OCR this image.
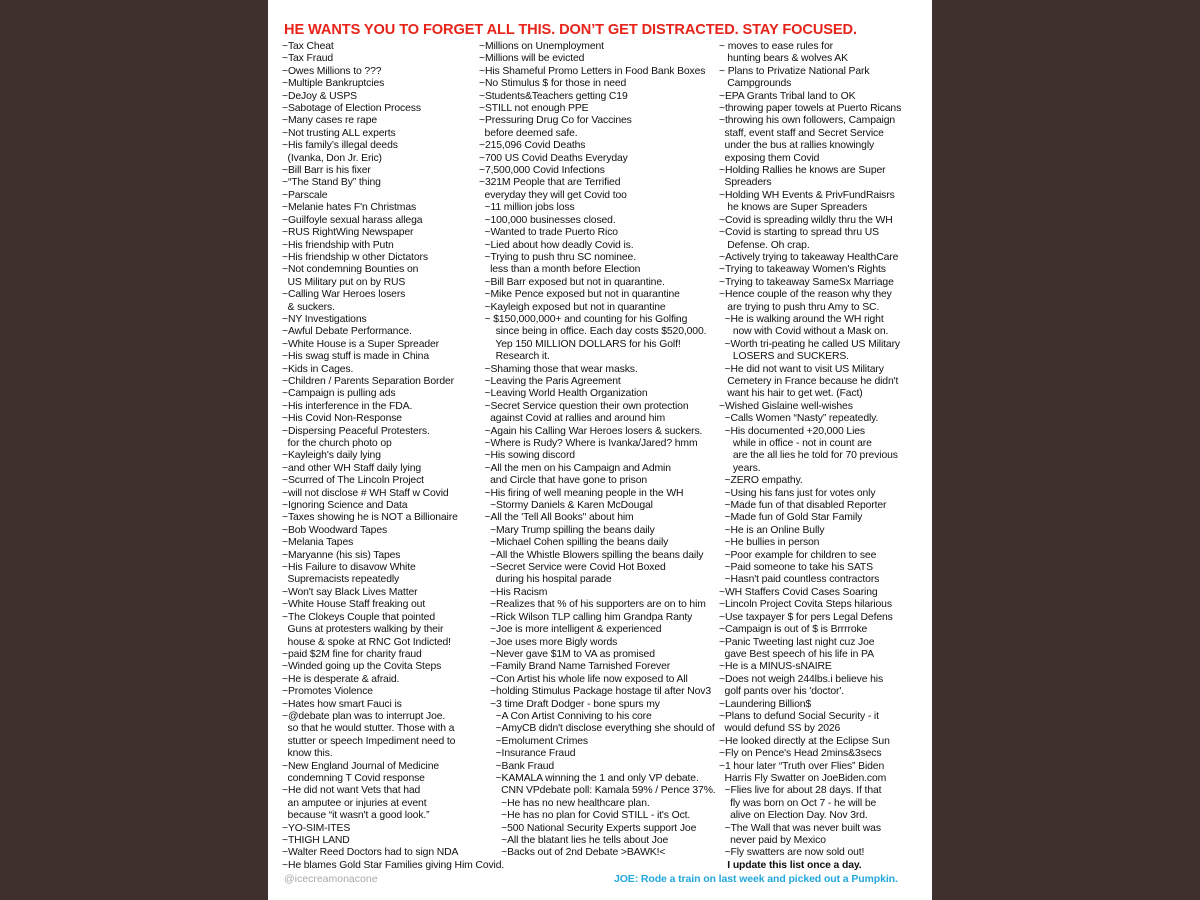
HE WANTS YOU TO FORGET ALL THIS. DON’T GET DISTRACTED. STAY FOCUSED.
~Tax Cheat
~Tax Fraud
~Owes Millions to ???
~Multiple Bankruptcies
~DeJoy & USPS
~Sabotage of Election Process
~Many cases re rape
~Not trusting ALL experts
~His family’s illegal deeds
(Ivanka, Don Jr. Eric)
~Bill Barr is his fixer
~“The Stand By” thing
~Parscale
~Melanie hates F'n Christmas
~Guilfoyle sexual harass allega
~RUS RightWing Newspaper
~His friendship with Putn
~His friendship w other Dictators
~Not condemning Bounties on
US Military put on by RUS
~Calling War Heroes losers
& suckers.
~NY Investigations
~Awful Debate Performance.
~White House is a Super Spreader
~His swag stuff is made in China
~Kids in Cages.
~Children / Parents Separation Border
~Campaign is pulling ads
~His interference in the FDA.
~His Covid Non-Response
~Dispersing Peaceful Protesters.
for the church photo op
~Kayleigh's daily lying
~and other WH Staff daily lying
~Scurred of The Lincoln Project
~will not disclose # WH Staff w Covid
~Ignoring Science and Data
~Taxes showing he is NOT a Billionaire
~Bob Woodward Tapes
~Melania Tapes
~Maryanne (his sis) Tapes
~His Failure to disavow White
Supremacists repeatedly
~Won't say Black Lives Matter
~White House Staff freaking out
~The Clokeys Couple that pointed
Guns at protesters walking by their
house & spoke at RNC Got Indicted!
~paid $2M fine for charity fraud
~Winded going up the Covita Steps
~He is desperate & afraid.
~Promotes Violence
~Hates how smart Fauci is
~@debate plan was to interrupt Joe.
so that he would stutter. Those with a
stutter or speech Impediment need to
know this.
~New England Journal of Medicine
condemning T Covid response
~He did not want Vets that had
an amputee or injuries at event
because “it wasn't a good look.”
~YO-SIM-ITES
~THIGH LAND
~Walter Reed Doctors had to sign NDA
~He blames Gold Star Families giving Him Covid.
~Millions on Unemployment
~Millions will be evicted
~His Shameful Promo Letters in Food Bank Boxes
~No Stimulus $ for those in need
~Students&Teachers getting C19
~STILL not enough PPE
~Pressuring Drug Co for Vaccines
before deemed safe.
~215,096 Covid Deaths
~700 US Covid Deaths Everyday
~7,500,000 Covid Infections
~321M People that are Terrified
everyday they will get Covid too
~11 million jobs loss
~100,000 businesses closed.
~Wanted to trade Puerto Rico
~Lied about how deadly Covid is.
~Trying to push thru SC nominee.
less than a month before Election
~Bill Barr exposed but not in quarantine.
~Mike Pence exposed but not in quarantine
~Kayleigh exposed but not in quarantine
~ $150,000,000+ and counting for his Golfing
since being in office. Each day costs $520,000.
Yep 150 MILLION DOLLARS for his Golf!
Research it.
~Shaming those that wear masks.
~Leaving the Paris Agreement
~Leaving World Health Organization
~Secret Service question their own protection
against Covid at rallies and around him
~Again his Calling War Heroes losers & suckers.
~Where is Rudy? Where is Ivanka/Jared? hmm
~His sowing discord
~All the men on his Campaign and Admin
and Circle that have gone to prison
~His firing of well meaning people in the WH
~Stormy Daniels & Karen McDougal
~All the 'Tell All Books" about him
~Mary Trump spilling the beans daily
~Michael Cohen spilling the beans daily
~All the Whistle Blowers spilling the beans daily
~Secret Service were Covid Hot Boxed
during his hospital parade
~His Racism
~Realizes that % of his supporters are on to him
~Rick Wilson TLP calling him Grandpa Ranty
~Joe is more intelligent & experienced
~Joe uses more Bigly words
~Never gave $1M to VA as promised
~Family Brand Name Tarnished Forever
~Con Artist his whole life now exposed to All
~holding Stimulus Package hostage til after Nov3
~3 time Draft Dodger - bone spurs my
~A Con Artist Conniving to his core
~AmyCB didn't disclose everything she should of
~Emolument Crimes
~Insurance Fraud
~Bank Fraud
~KAMALA winning the 1 and only VP debate.
CNN VPdebate poll: Kamala 59% / Pence 37%.
~He has no new healthcare plan.
~He has no plan for Covid STILL - it's Oct.
~500 National Security Experts support Joe
~All the blatant lies he tells about Joe
~Backs out of 2nd Debate >BAWK!<
~ moves to ease rules for
hunting bears & wolves AK
~ Plans to Privatize National Park
Campgrounds
~EPA Grants Tribal land to OK
~throwing paper towels at Puerto Ricans
~throwing his own followers, Campaign
staff, event staff and Secret Service
under the bus at rallies knowingly
exposing them Covid
~Holding Rallies he knows are Super
Spreaders
~Holding WH Events & PrivFundRaisrs
he knows are Super Spreaders
~Covid is spreading wildly thru the WH
~Covid is starting to spread thru US
Defense. Oh crap.
~Actively trying to takeaway HealthCare
~Trying to takeaway Women's Rights
~Trying to takeaway SameSx Marriage
~Hence couple of the reason why they
are trying to push thru Amy to SC.
~He is walking around the WH right
now with Covid without a Mask on.
~Worth tri-peating he called US Military
LOSERS and SUCKERS.
~He did not want to visit US Military
Cemetery in France because he didn't
want his hair to get wet. (Fact)
~Wished Gislaine well-wishes
~Calls Women “Nasty” repeatedly.
~His documented +20,000 Lies
while in office - not in count are
are the all lies he told for 70 previous
years.
~ZERO empathy.
~Using his fans just for votes only
~Made fun of that disabled Reporter
~Made fun of Gold Star Family
~He is an Online Bully
~He bullies in person
~Poor example for children to see
~Paid someone to take his SATS
~Hasn't paid countless contractors
~WH Staffers Covid Cases Soaring
~Lincoln Project Covita Steps hilarious
~Use taxpayer $ for pers Legal Defens
~Campaign is out of $ is Brrrroke
~Panic Tweeting last night cuz Joe
gave Best speech of his life in PA
~He is a MINUS-sNAIRE
~Does not weigh 244lbs.i believe his
golf pants over his 'doctor'.
~Laundering Billion$
~Plans to defund Social Security - it
would defund SS by 2026
~He looked directly at the Eclipse Sun
~Fly on Pence's Head 2mins&3secs
~1 hour later “Truth over Flies” Biden
Harris Fly Swatter on JoeBiden.com
~Flies live for about 28 days. If that
fly was born on Oct 7 - he will be
alive on Election Day. Nov 3rd.
~The Wall that was never built was
never paid by Mexico
~Fly swatters are now sold out!
I update this list once a day.
@icecreamonacone	JOE: Rode a train on last week and picked out a Pumpkin.
